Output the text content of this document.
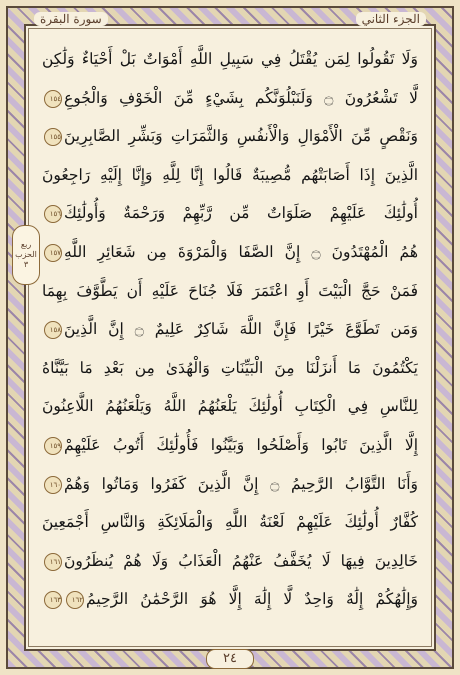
الجزء الثاني
سورة البقرة
ربع
الحزب
٣
وَلَا تَقُولُوا لِمَن يُقْتَلُ فِي سَبِيلِ اللَّهِ أَمْوَاتٌ بَلْ أَحْيَاءٌ وَلَٰكِن
لَّا تَشْعُرُونَ ۝ وَلَنَبْلُوَنَّكُم بِشَيْءٍ مِّنَ الْخَوْفِ وَالْجُوعِ١٥٤
وَنَقْصٍ مِّنَ الْأَمْوَالِ وَالْأَنفُسِ وَالثَّمَرَاتِ وَبَشِّرِ الصَّابِرِينَ١٥٥
الَّذِينَ إِذَا أَصَابَتْهُم مُّصِيبَةٌ قَالُوا إِنَّا لِلَّهِ وَإِنَّا إِلَيْهِ رَاجِعُونَ
أُولَٰئِكَ عَلَيْهِمْ صَلَوَاتٌ مِّن رَّبِّهِمْ وَرَحْمَةٌ وَأُولَٰئِكَ١٥٦
هُمُ الْمُهْتَدُونَ ۝ إِنَّ الصَّفَا وَالْمَرْوَةَ مِن شَعَائِرِ اللَّهِ١٥٧
فَمَنْ حَجَّ الْبَيْتَ أَوِ اعْتَمَرَ فَلَا جُنَاحَ عَلَيْهِ أَن يَطَّوَّفَ بِهِمَا
وَمَن تَطَوَّعَ خَيْرًا فَإِنَّ اللَّهَ شَاكِرٌ عَلِيمٌ ۝ إِنَّ الَّذِينَ١٥٨
يَكْتُمُونَ مَا أَنزَلْنَا مِنَ الْبَيِّنَاتِ وَالْهُدَىٰ مِن بَعْدِ مَا بَيَّنَّاهُ
لِلنَّاسِ فِي الْكِتَابِ أُولَٰئِكَ يَلْعَنُهُمُ اللَّهُ وَيَلْعَنُهُمُ اللَّاعِنُونَ
إِلَّا الَّذِينَ تَابُوا وَأَصْلَحُوا وَبَيَّنُوا فَأُولَٰئِكَ أَتُوبُ عَلَيْهِمْ١٥٩
وَأَنَا التَّوَّابُ الرَّحِيمُ ۝ إِنَّ الَّذِينَ كَفَرُوا وَمَاتُوا وَهُمْ١٦٠
كُفَّارٌ أُولَٰئِكَ عَلَيْهِمْ لَعْنَةُ اللَّهِ وَالْمَلَائِكَةِ وَالنَّاسِ أَجْمَعِينَ
خَالِدِينَ فِيهَا لَا يُخَفَّفُ عَنْهُمُ الْعَذَابُ وَلَا هُمْ يُنظَرُونَ١٦١
وَإِلَٰهُكُمْ إِلَٰهٌ وَاحِدٌ لَّا إِلَٰهَ إِلَّا هُوَ الرَّحْمَٰنُ الرَّحِيمُ١٦٢١٦٣
٢٤
